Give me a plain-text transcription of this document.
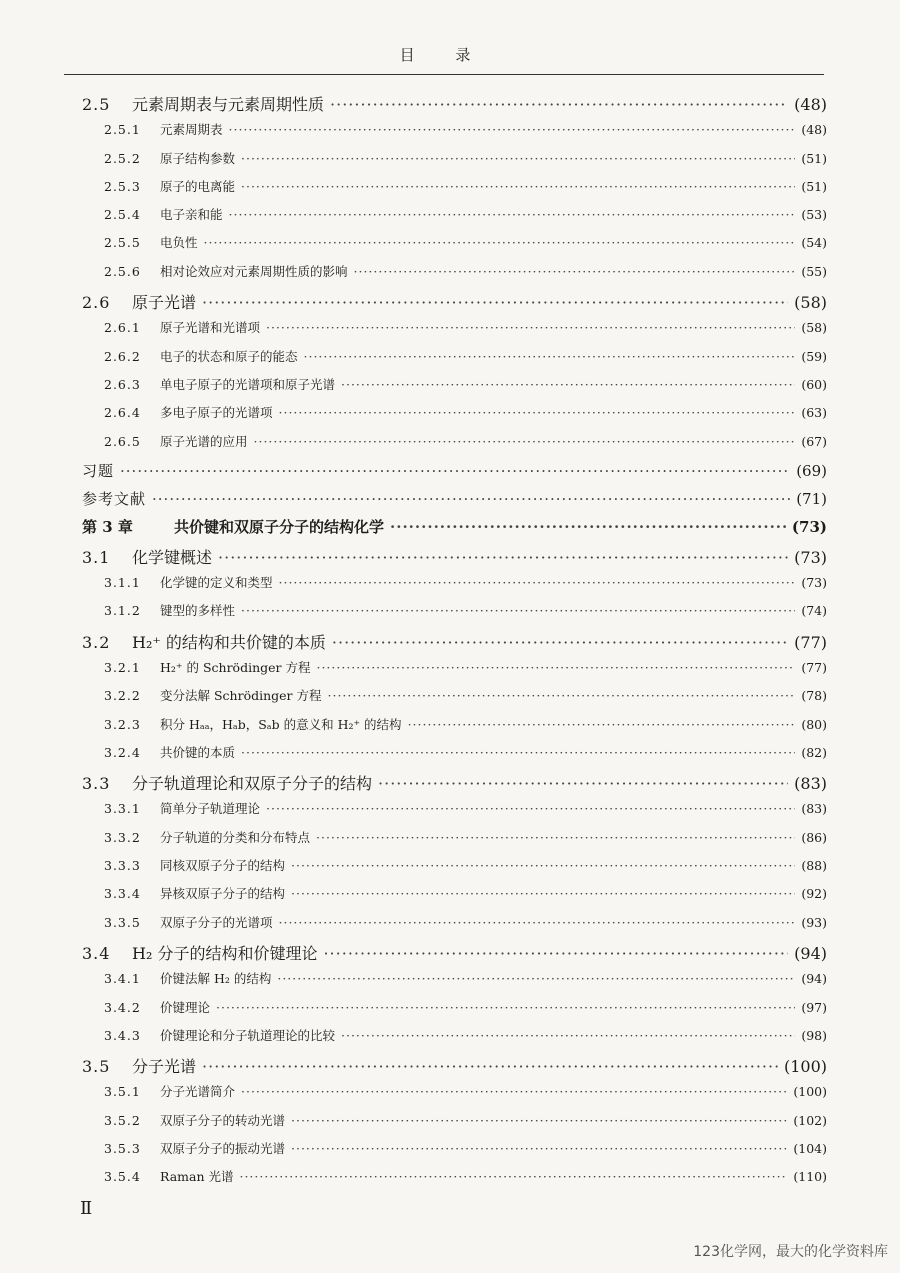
目 录
2.5	元素周期表与元素周期性质 ·····	(48)
2.5.1	元素周期表 ·····	(48)
2.5.2	原子结构参数 ·····	(51)
2.5.3	原子的电离能 ·····	(51)
2.5.4	电子亲和能 ·····	(53)
2.5.5	电负性 ·····	(54)
2.5.6	相对论效应对元素周期性质的影响 ·····	(55)
2.6	原子光谱 ·····	(58)
2.6.1	原子光谱和光谱项 ·····	(58)
2.6.2	电子的状态和原子的能态 ·····	(59)
2.6.3	单电子原子的光谱项和原子光谱 ·····	(60)
2.6.4	多电子原子的光谱项 ·····	(63)
2.6.5	原子光谱的应用 ·····	(67)
习题 ·····	(69)
参考文献 ·····	(71)
第 3 章	共价键和双原子分子的结构化学 ·····	(73)
3.1	化学键概述 ·····	(73)
3.1.1	化学键的定义和类型 ·····	(73)
3.1.2	键型的多样性 ·····	(74)
3.2	H₂⁺ 的结构和共价键的本质 ·····	(77)
3.2.1	H₂⁺ 的 Schrödinger 方程 ·····	(77)
3.2.2	变分法解 Schrödinger 方程 ·····	(78)
3.2.3	积分 Hₐₐ，Hₐb，Sₐb 的意义和 H₂⁺ 的结构 ·····	(80)
3.2.4	共价键的本质 ·····	(82)
3.3	分子轨道理论和双原子分子的结构 ·····	(83)
3.3.1	简单分子轨道理论 ·····	(83)
3.3.2	分子轨道的分类和分布特点 ·····	(86)
3.3.3	同核双原子分子的结构 ·····	(88)
3.3.4	异核双原子分子的结构 ·····	(92)
3.3.5	双原子分子的光谱项 ·····	(93)
3.4	H₂ 分子的结构和价键理论 ·····	(94)
3.4.1	价键法解 H₂ 的结构 ·····	(94)
3.4.2	价键理论 ·····	(97)
3.4.3	价键理论和分子轨道理论的比较 ·····	(98)
3.5	分子光谱 ·····	(100)
3.5.1	分子光谱简介 ·····	(100)
3.5.2	双原子分子的转动光谱 ·····	(102)
3.5.3	双原子分子的振动光谱 ·····	(104)
3.5.4	Raman 光谱 ·····	(110)
Ⅱ
123化学网，最大的化学资料库
